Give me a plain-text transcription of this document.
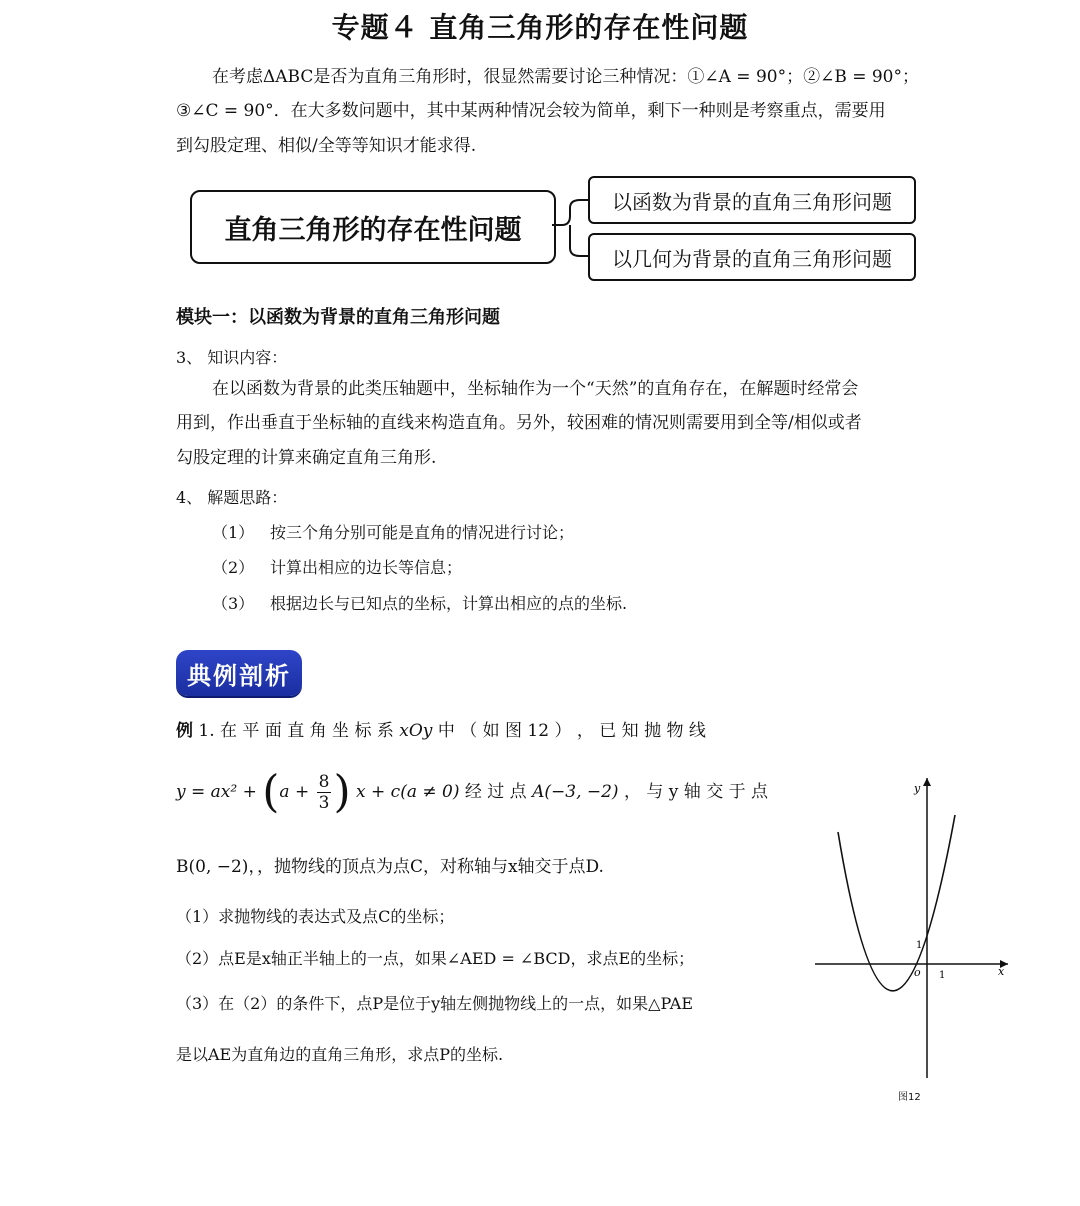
专题４ 直角三角形的存在性问题
在考虑ΔABC是否为直角三角形时，很显然需要讨论三种情况：①∠A = 90°；②∠B = 90°；
③∠C = 90°．在大多数问题中，其中某两种情况会较为简单，剩下一种则是考察重点，需要用
到勾股定理、相似/全等等知识才能求得.
直角三角形的存在性问题
以函数为背景的直角三角形问题
以几何为背景的直角三角形问题
模块一：以函数为背景的直角三角形问题
3、 知识内容：
在以函数为背景的此类压轴题中，坐标轴作为一个“天然”的直角存在，在解题时经常会
用到，作出垂直于坐标轴的直线来构造直角。另外，较困难的情况则需要用到全等/相似或者
勾股定理的计算来确定直角三角形.
4、 解题思路：
（1） 按三个角分别可能是直角的情况进行讨论；
（2） 计算出相应的边长等信息；
（3） 根据边长与已知点的坐标，计算出相应的点的坐标.
典例剖析
例 1. 在 平 面 直 角 坐 标 系 xOy 中 （ 如 图 12 ） ， 已 知 抛 物 线
$y = ax^2 + (a + \frac{8}{3}$ ) x + c(a ≠ 0) 经 过 点 A(−3, −2) ， 与 y 轴 交 于 点
B(0, −2)，，抛物线的顶点为点C，对称轴与x轴交于点D.
（1）求抛物线的表达式及点C的坐标；
（2）点E是x轴正半轴上的一点，如果∠AED = ∠BCD，求点E的坐标；
（3）在（2）的条件下，点P是位于y轴左侧抛物线上的一点，如果△PAE
是以AE为直角边的直角三角形，求点P的坐标.
x
y
o 1
1
图12
